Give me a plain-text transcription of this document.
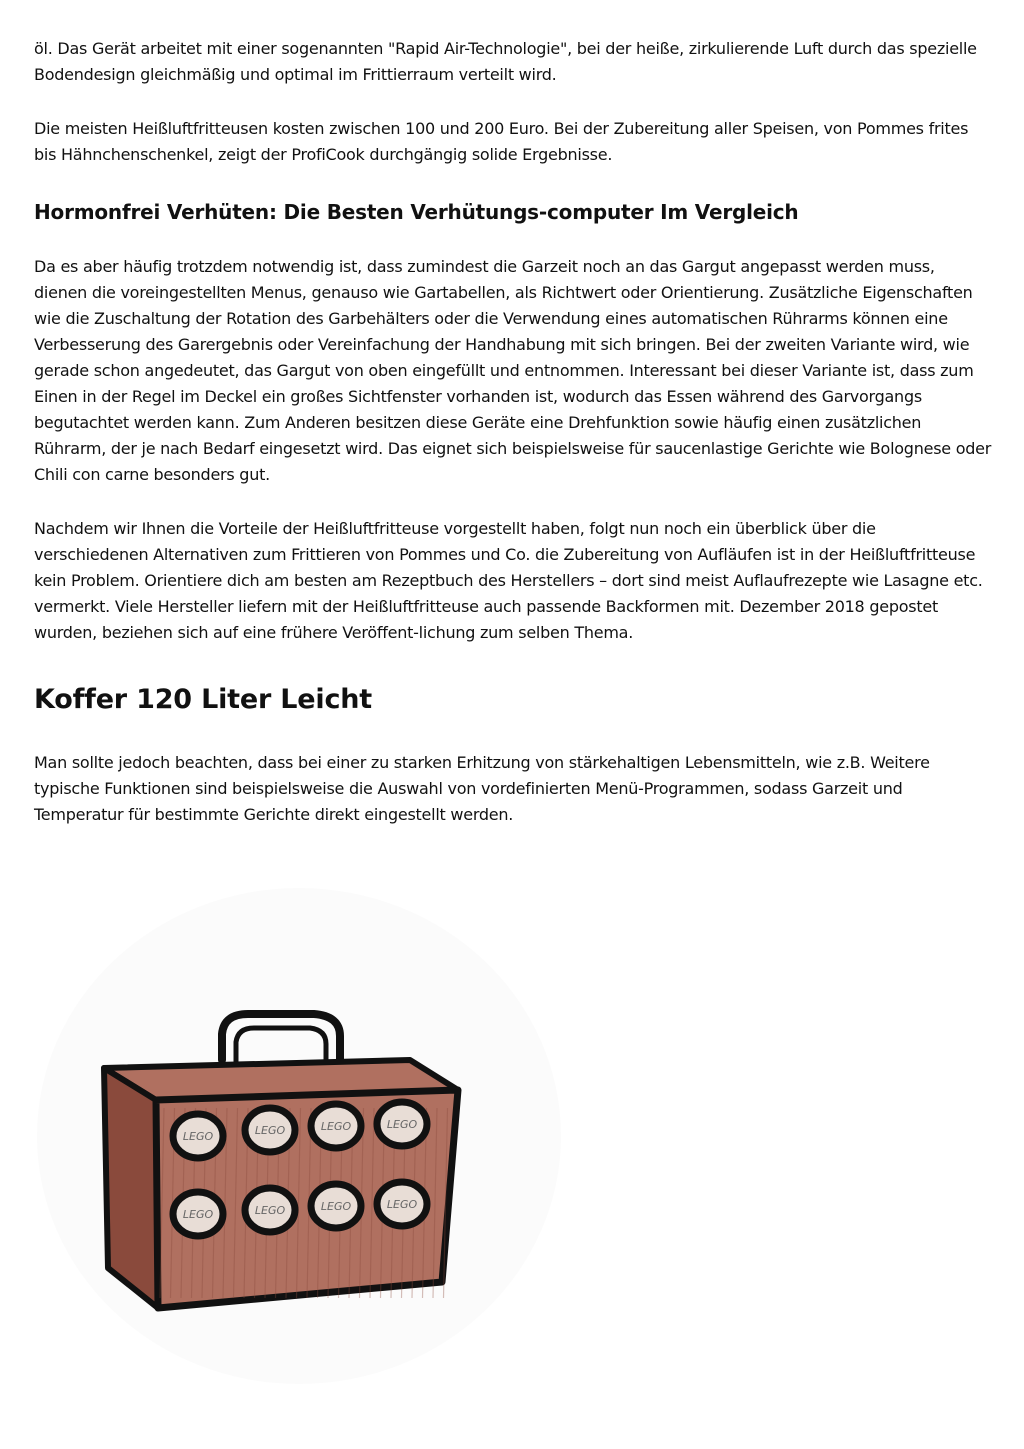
öl. Das Gerät arbeitet mit einer sogenannten "Rapid Air-Technologie", bei der heiße, zirkulierende Luft durch das spezielle Bodendesign gleichmäßig und optimal im Frittierraum verteilt wird.

Die meisten Heißluftfritteusen kosten zwischen 100 und 200 Euro. Bei der Zubereitung aller Speisen, von Pommes frites bis Hähnchenschenkel, zeigt der ProfiCook durchgängig solide Ergebnisse.

Hormonfrei Verhüten: Die Besten Verhütungs-computer Im Vergleich

Da es aber häufig trotzdem notwendig ist, dass zumindest die Garzeit noch an das Gargut angepasst werden muss, dienen die voreingestellten Menus, genauso wie Gartabellen, als Richtwert oder Orientierung. Zusätzliche Eigenschaften wie die Zuschaltung der Rotation des Garbehälters oder die Verwendung eines automatischen Rührarms können eine Verbesserung des Garergebnis oder Vereinfachung der Handhabung mit sich bringen. Bei der zweiten Variante wird, wie gerade schon angedeutet, das Gargut von oben eingefüllt und entnommen. Interessant bei dieser Variante ist, dass zum Einen in der Regel im Deckel ein großes Sichtfenster vorhanden ist, wodurch das Essen während des Garvorgangs begutachtet werden kann. Zum Anderen besitzen diese Geräte eine Drehfunktion sowie häufig einen zusätzlichen Rührarm, der je nach Bedarf eingesetzt wird. Das eignet sich beispielsweise für saucenlastige Gerichte wie Bolognese oder Chili con carne besonders gut.

Nachdem wir Ihnen die Vorteile der Heißluftfritteuse vorgestellt haben, folgt nun noch ein überblick über die verschiedenen Alternativen zum Frittieren von Pommes und Co. die Zubereitung von Aufläufen ist in der Heißluftfritteuse kein Problem. Orientiere dich am besten am Rezeptbuch des Herstellers – dort sind meist Auflaufrezepte wie Lasagne etc. vermerkt. Viele Hersteller liefern mit der Heißluftfritteuse auch passende Backformen mit. Dezember 2018 gepostet wurden, beziehen sich auf eine frühere Veröffent-lichung zum selben Thema.

Koffer 120 Liter Leicht

Man sollte jedoch beachten, dass bei einer zu starken Erhitzung von stärkehaltigen Lebensmitteln, wie z.B. Weitere typische Funktionen sind beispielsweise die Auswahl von vordefinierten Menü-Programmen, sodass Garzeit und Temperatur für bestimmte Gerichte direkt eingestellt werden.

LEGO	LEGO	LEGO	LEGO
LEGO	LEGO	LEGO	LEGO
